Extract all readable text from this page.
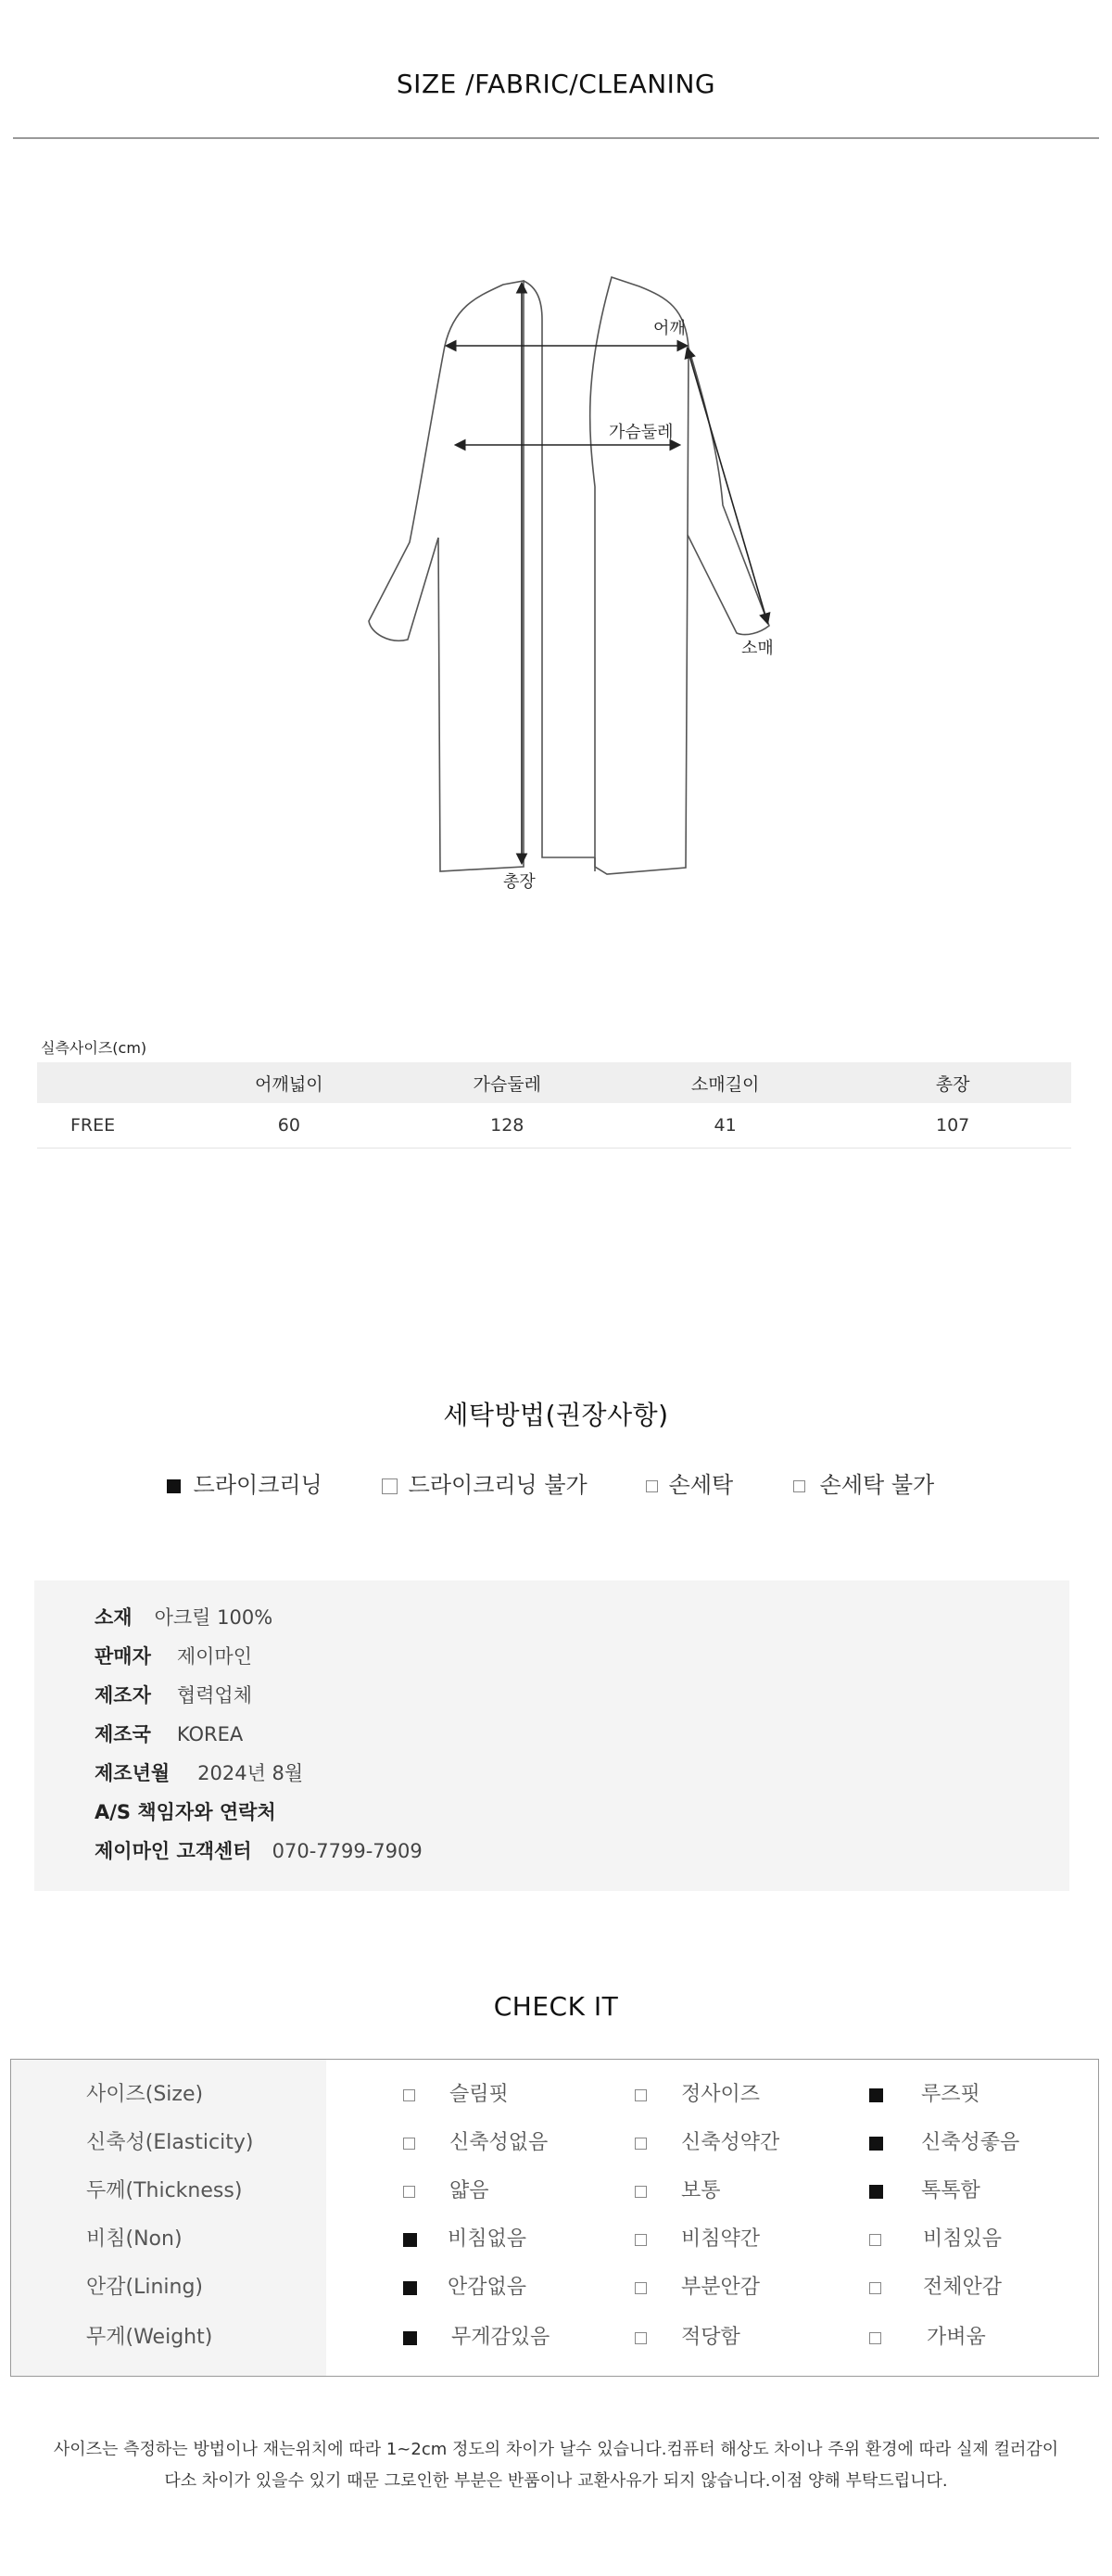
SIZE /FABRIC/CLEANING
어깨
가슴둘레
소매
총장
실측사이즈(cm)
	어깨넓이	가슴둘레	소매길이	총장
FREE	60	128	41	107
세탁방법(권장사항)
드라이크리닝	드라이크리닝 불가	손세탁	손세탁 불가
소재 아크릴 100%
판매자 제이마인
제조자 협력업체
제조국 KOREA
제조년월 2024년 8월
A/S 책임자와 연락처
제이마인 고객센터 070-7799-7909
CHECK IT
사이즈(Size)	슬림핏	정사이즈	루즈핏
신축성(Elasticity)	신축성없음	신축성약간	신축성좋음
두께(Thickness)	얇음	보통	톡톡함
비침(Non)	비침없음	비침약간	비침있음
안감(Lining)	안감없음	부분안감	전체안감
무게(Weight)	무게감있음	적당함	가벼움
사이즈는 측정하는 방법이나 재는위치에 따라 1~2cm 정도의 차이가 날수 있습니다.컴퓨터 해상도 차이나 주위 환경에 따라 실제 컬러감이
다소 차이가 있을수 있기 때문 그로인한 부분은 반품이나 교환사유가 되지 않습니다.이점 양해 부탁드립니다.
